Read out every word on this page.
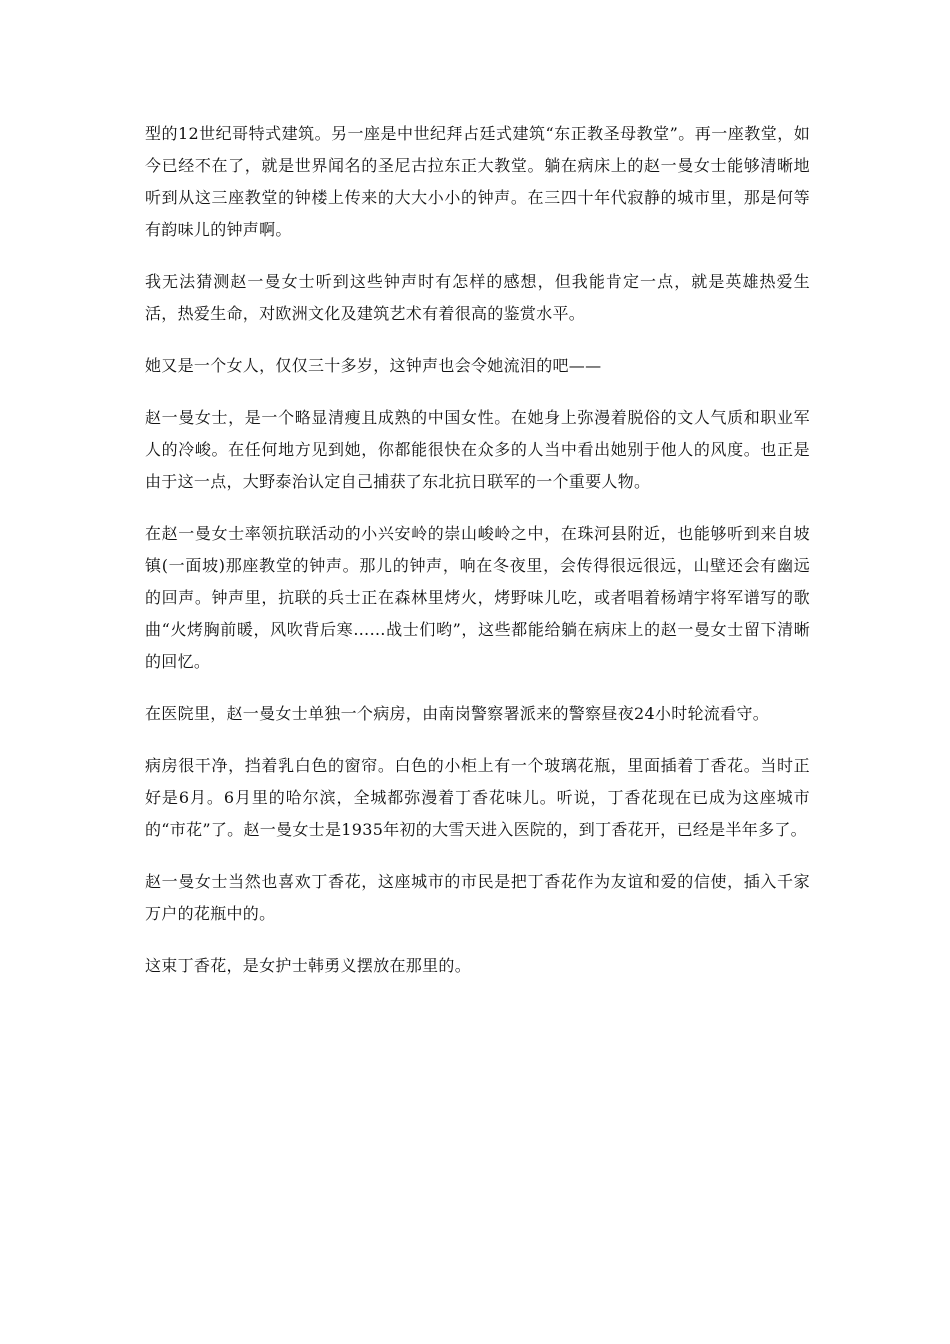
型的12世纪哥特式建筑。另一座是中世纪拜占廷式建筑“东正教圣母教堂”。再一座教堂，如今已经不在了，就是世界闻名的圣尼古拉东正大教堂。躺在病床上的赵一曼女士能够清晰地听到从这三座教堂的钟楼上传来的大大小小的钟声。在三四十年代寂静的城市里，那是何等有韵味儿的钟声啊。

我无法猜测赵一曼女士听到这些钟声时有怎样的感想，但我能肯定一点，就是英雄热爱生活，热爱生命，对欧洲文化及建筑艺术有着很高的鉴赏水平。

她又是一个女人，仅仅三十多岁，这钟声也会令她流泪的吧——

赵一曼女士，是一个略显清瘦且成熟的中国女性。在她身上弥漫着脱俗的文人气质和职业军人的冷峻。在任何地方见到她，你都能很快在众多的人当中看出她别于他人的风度。也正是由于这一点，大野泰治认定自己捕获了东北抗日联军的一个重要人物。

在赵一曼女士率领抗联活动的小兴安岭的崇山峻岭之中，在珠河县附近，也能够听到来自坡镇(一面坡)那座教堂的钟声。那儿的钟声，响在冬夜里，会传得很远很远，山壁还会有幽远的回声。钟声里，抗联的兵士正在森林里烤火，烤野味儿吃，或者唱着杨靖宇将军谱写的歌曲“火烤胸前暖，风吹背后寒……战士们哟”，这些都能给躺在病床上的赵一曼女士留下清晰的回忆。

在医院里，赵一曼女士单独一个病房，由南岗警察署派来的警察昼夜24小时轮流看守。

病房很干净，挡着乳白色的窗帘。白色的小柜上有一个玻璃花瓶，里面插着丁香花。当时正好是6月。6月里的哈尔滨，全城都弥漫着丁香花味儿。听说，丁香花现在已成为这座城市的“市花”了。赵一曼女士是1935年初的大雪天进入医院的，到丁香花开，已经是半年多了。

赵一曼女士当然也喜欢丁香花，这座城市的市民是把丁香花作为友谊和爱的信使，插入千家万户的花瓶中的。

这束丁香花，是女护士韩勇义摆放在那里的。
